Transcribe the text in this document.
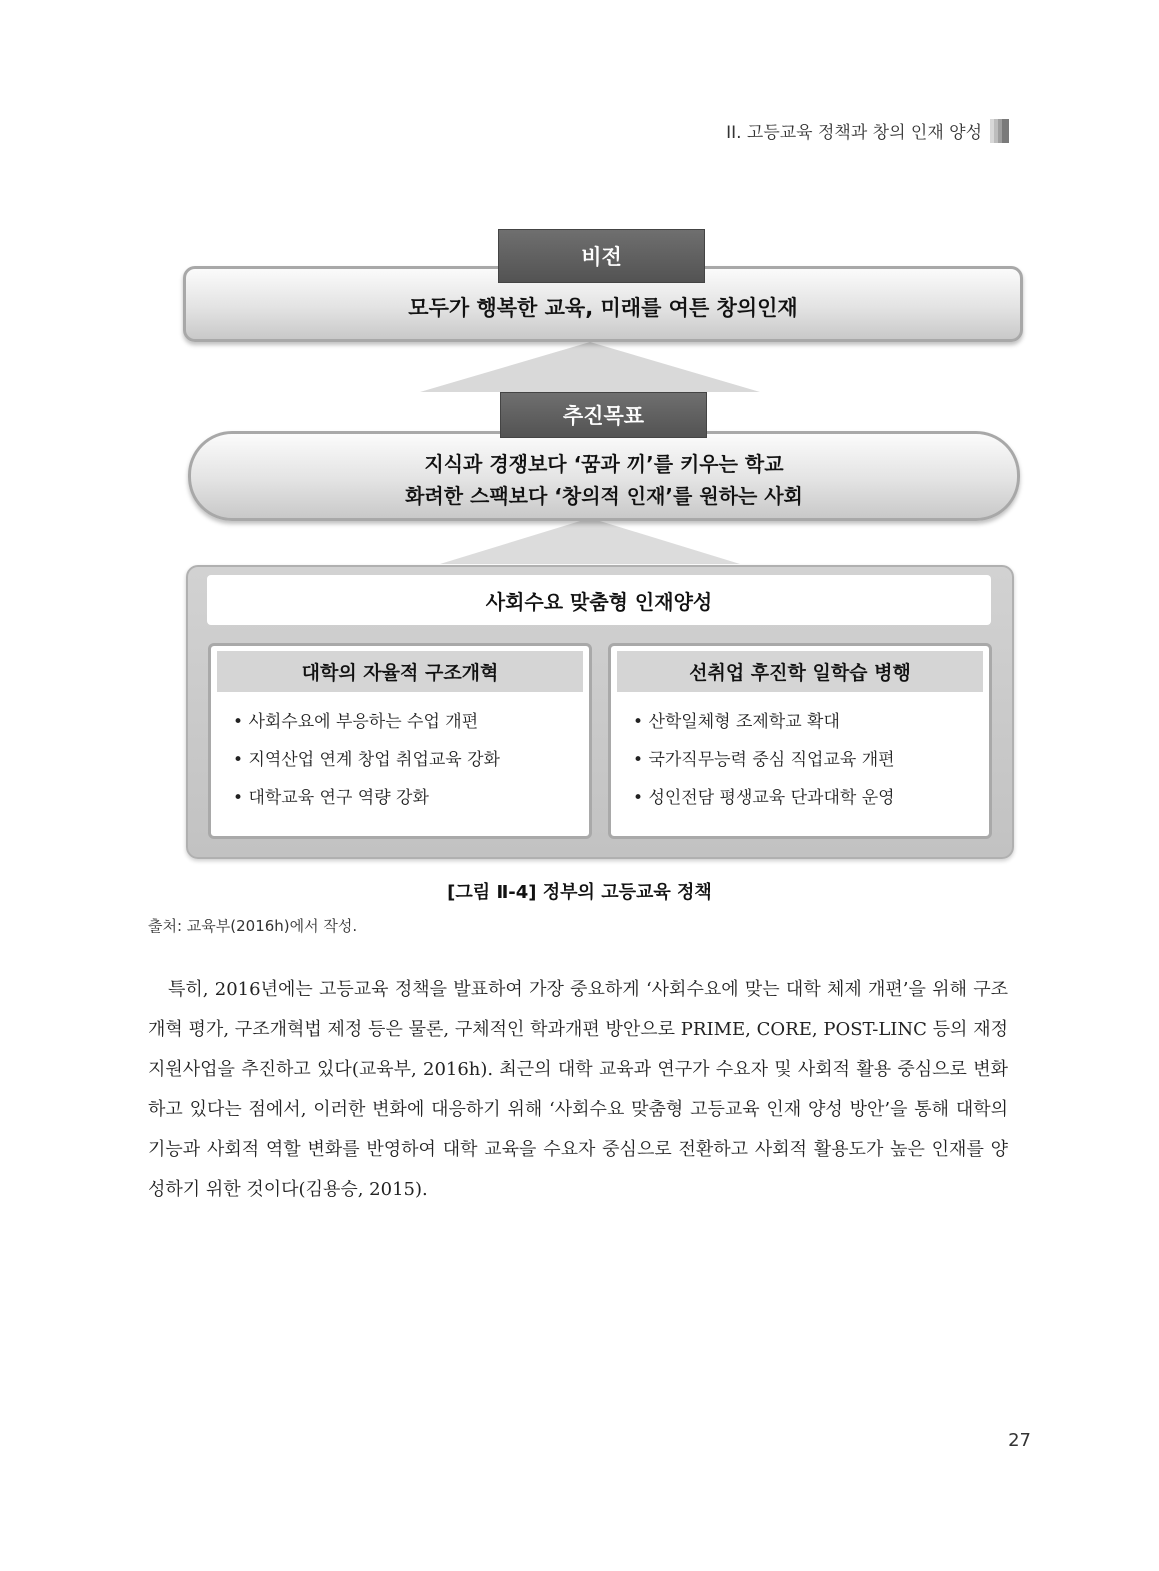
II. 고등교육 정책과 창의 인재 양성
모두가 행복한 교육, 미래를 여튼 창의인재
비전
지식과 경쟁보다 ‘꿈과 끼’를 키우는 학교
화려한 스팩보다 ‘창의적 인재’를 원하는 사회
추진목표
사회수요 맞춤형 인재양성
대학의 자율적 구조개혁
• 사회수요에 부응하는 수업 개편
• 지역산업 연계 창업 취업교육 강화
• 대학교육 연구 역량 강화
선취업 후진학 일학습 병행
• 산학일체형 조제학교 확대
• 국가직무능력 중심 직업교육 개편
• 성인전담 평생교육 단과대학 운영
[그림 Ⅱ-4] 정부의 고등교육 정책
출처: 교육부(2016h)에서 작성.

특히, 2016년에는 고등교육 정책을 발표하여 가장 중요하게 ‘사회수요에 맞는 대학 체제 개편’을 위해 구조개혁 평가, 구조개혁법 제정 등은 물론, 구체적인 학과개편 방안으로 PRIME, CORE, POST-LINC 등의 재정지원사업을 추진하고 있다(교육부, 2016h). 최근의 대학 교육과 연구가 수요자 및 사회적 활용 중심으로 변화하고 있다는 점에서, 이러한 변화에 대응하기 위해 ‘사회수요 맞춤형 고등교육 인재 양성 방안’을 통해 대학의 기능과 사회적 역할 변화를 반영하여 대학 교육을 수요자 중심으로 전환하고 사회적 활용도가 높은 인재를 양성하기 위한 것이다(김용승, 2015).

27
